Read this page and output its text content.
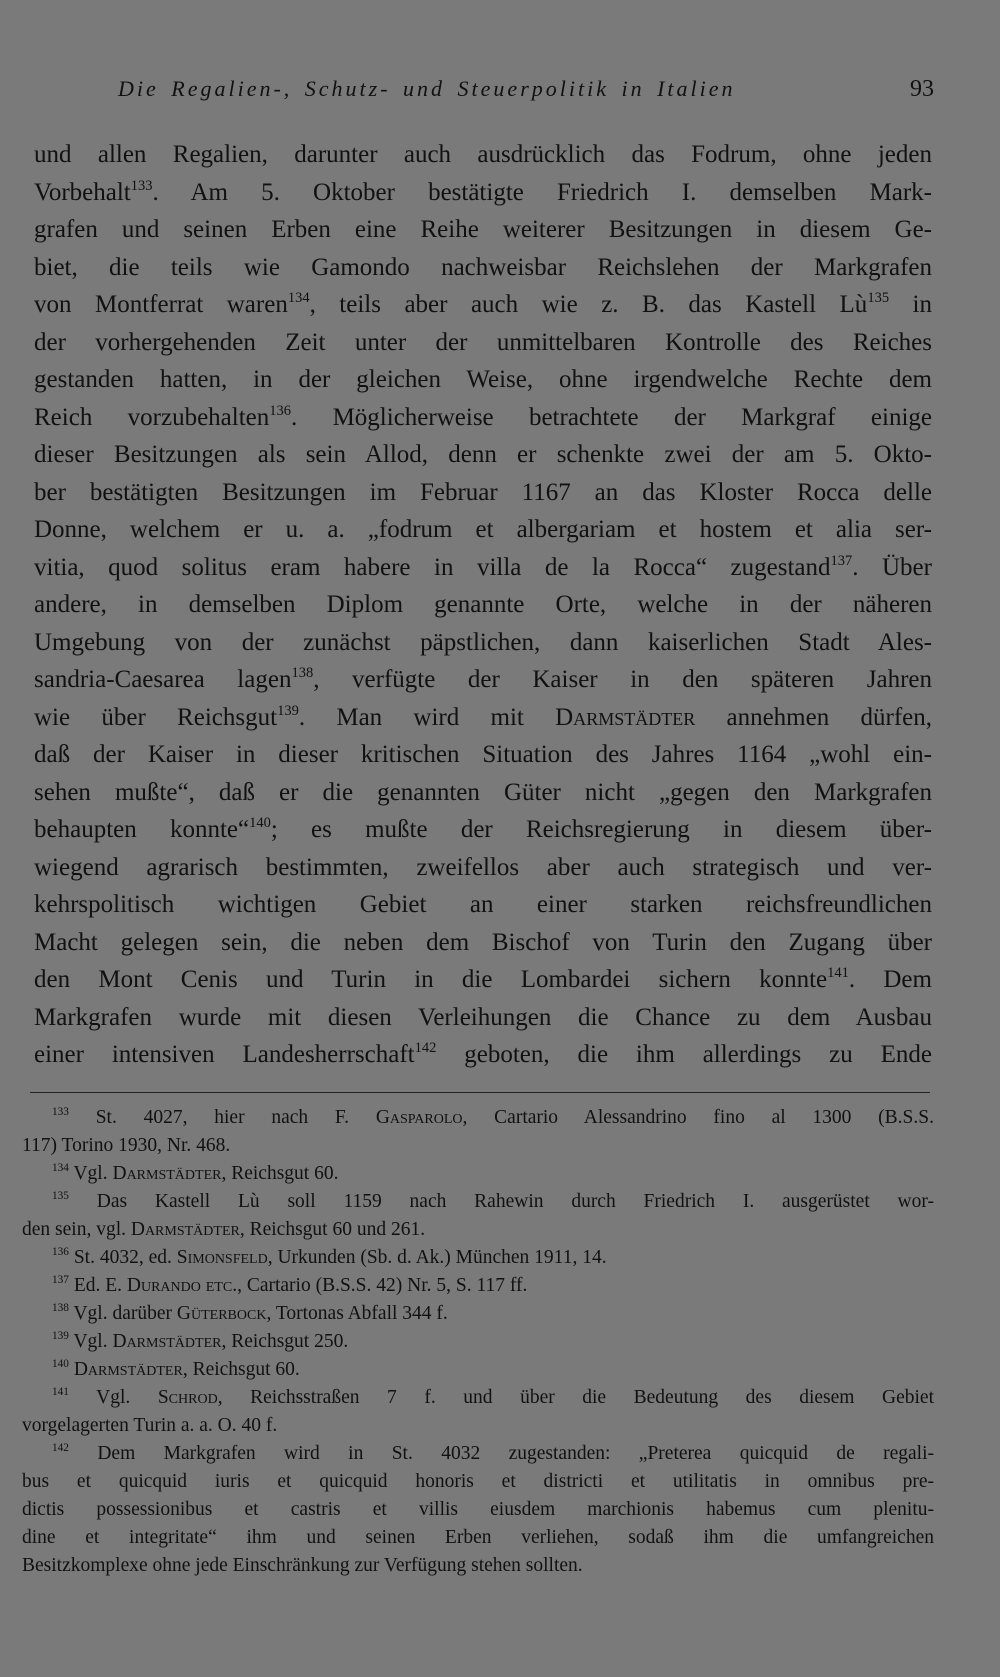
Die Regalien-, Schutz- und Steuerpolitik in Italien	93
und allen Regalien, darunter auch ausdrücklich das Fodrum, ohne jeden
Vorbehalt$^{133}$. Am 5. Oktober bestätigte Friedrich I. demselben Mark-
grafen und seinen Erben eine Reihe weiterer Besitzungen in diesem Ge-
biet, die teils wie Gamondo nachweisbar Reichslehen der Markgrafen
von Montferrat waren$^{134}$, teils aber auch wie z. B. das Kastell $Lù^{135}$ in
der vorhergehenden Zeit unter der unmittelbaren Kontrolle des Reiches
gestanden hatten, in der gleichen Weise, ohne irgendwelche Rechte dem
Reich vorzubehalten$^{136}$. Möglicherweise betrachtete der Markgraf einige
dieser Besitzungen als sein Allod, denn er schenkte zwei der am 5. Okto-
ber bestätigten Besitzungen im Februar 1167 an das Kloster Rocca delle
Donne, welchem er u. a. „fodrum et albergariam et hostem et alia ser-
vitia, quod solitus eram habere in villa de la Rocca“ zugestand$^{137}$. Über
andere, in demselben Diplom genannte Orte, welche in der näheren
Umgebung von der zunächst päpstlichen, dann kaiserlichen Stadt Ales-
sandria-Caesarea lagen$^{138}$, verfügte der Kaiser in den späteren Jahren
wie über Reichsgut$^{139}$. Man wird mit Darmstädter annehmen dürfen,
daß der Kaiser in dieser kritischen Situation des Jahres 1164 „wohl ein-
sehen mußte“, daß er die genannten Güter nicht „gegen den Markgrafen
behaupten konnte“$^{140}$; es mußte der Reichsregierung in diesem über-
wiegend agrarisch bestimmten, zweifellos aber auch strategisch und ver-
kehrspolitisch wichtigen Gebiet an einer starken reichsfreundlichen
Macht gelegen sein, die neben dem Bischof von Turin den Zugang über
den Mont Cenis und Turin in die Lombardei sichern konnte$^{141}$. Dem
Markgrafen wurde mit diesen Verleihungen die Chance zu dem Ausbau
einer intensiven Landesherrschaft$^{142}$ geboten, die ihm allerdings zu Ende
$^{133}$ St. 4027, hier nach F. Gasparolo, Cartario Alessandrino fino al 1300 (B.S.S.
117) Torino 1930, Nr. 468.
$^{134}$ Vgl. Darmstädter, Reichsgut 60.
$^{135}$ Das Kastell Lù soll 1159 nach Rahewin durch Friedrich I. ausgerüstet wor-
den sein, vgl. Darmstädter, Reichsgut 60 und 261.
$^{136}$ St. 4032, ed. Simonsfeld, Urkunden (Sb. d. Ak.) München 1911, 14.
$^{137}$ Ed. E. Durando etc., Cartario (B.S.S. 42) Nr. 5, S. 117 ff.
$^{138}$ Vgl. darüber Güterbock, Tortonas Abfall 344 f.
$^{139}$ Vgl. Darmstädter, Reichsgut 250.
$^{140}$ Darmstädter, Reichsgut 60.
$^{141}$ Vgl. Schrod, Reichsstraßen 7 f. und über die Bedeutung des diesem Gebiet
vorgelagerten Turin a. a. O. 40 f.
$^{142}$ Dem Markgrafen wird in St. 4032 zugestanden: „Preterea quicquid de regali-
bus et quicquid iuris et quicquid honoris et districti et utilitatis in omnibus pre-
dictis possessionibus et castris et villis eiusdem marchionis habemus cum plenitu-
dine et integritate“ ihm und seinen Erben verliehen, sodaß ihm die umfangreichen
Besitzkomplexe ohne jede Einschränkung zur Verfügung stehen sollten.
